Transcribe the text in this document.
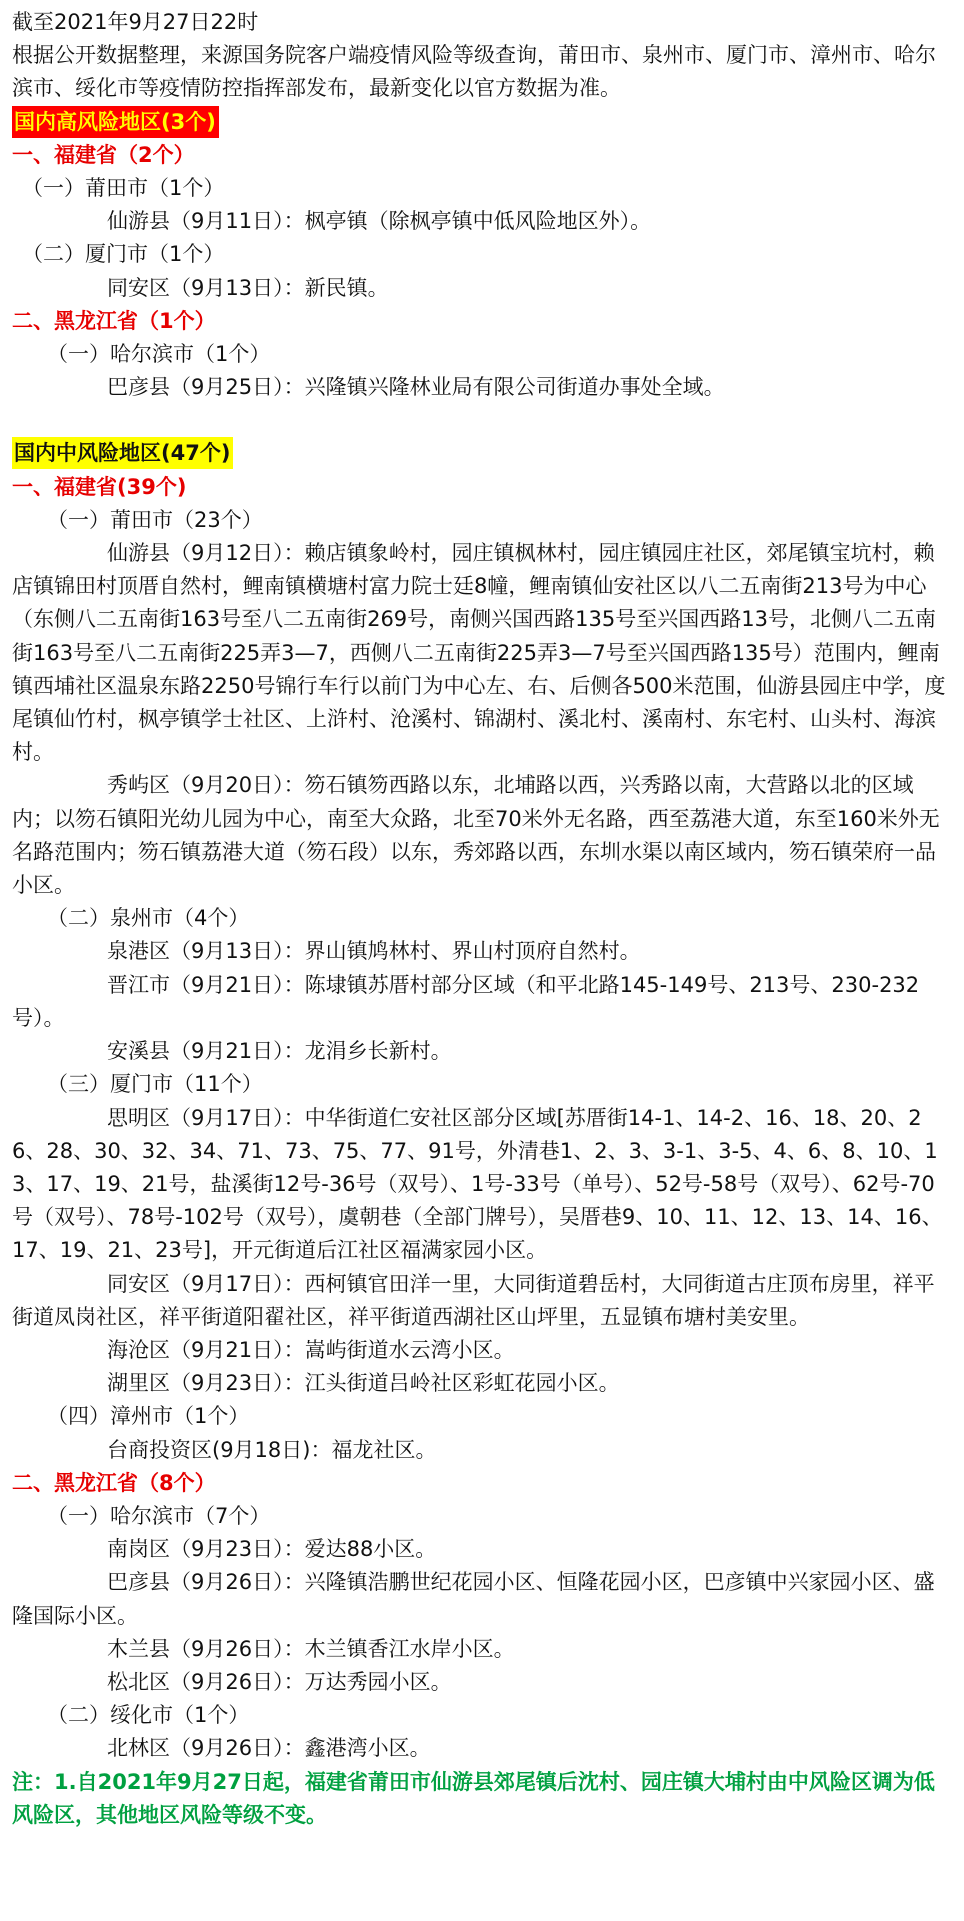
截至2021年9月27日22时

根据公开数据整理，来源国务院客户端疫情风险等级查询，莆田市、泉州市、厦门市、漳州市、哈尔滨市、绥化市等疫情防控指挥部发布，最新变化以官方数据为准。

国内高风险地区(3个)

一、福建省（2个）

（一）莆田市（1个）

仙游县（9月11日）：枫亭镇（除枫亭镇中低风险地区外）。

（二）厦门市（1个）

同安区（9月13日）：新民镇。

二、黑龙江省（1个）

（一）哈尔滨市（1个）

巴彦县（9月25日）：兴隆镇兴隆林业局有限公司街道办事处全域。

国内中风险地区(47个)

一、福建省(39个)

（一）莆田市（23个）

仙游县（9月12日）：赖店镇象岭村，园庄镇枫林村，园庄镇园庄社区，郊尾镇宝坑村，赖店镇锦田村顶厝自然村，鲤南镇横塘村富力院士廷8幢，鲤南镇仙安社区以八二五南街213号为中心（东侧八二五南街163号至八二五南街269号，南侧兴国西路135号至兴国西路13号，北侧八二五南街163号至八二五南街225弄3—7，西侧八二五南街225弄3—7号至兴国西路135号）范围内，鲤南镇西埔社区温泉东路2250号锦行车行以前门为中心左、右、后侧各500米范围，仙游县园庄中学，度尾镇仙竹村，枫亭镇学士社区、上浒村、沧溪村、锦湖村、溪北村、溪南村、东宅村、山头村、海滨村。

秀屿区（9月20日）：笏石镇笏西路以东，北埔路以西，兴秀路以南，大营路以北的区域内；以笏石镇阳光幼儿园为中心，南至大众路，北至70米外无名路，西至荔港大道，东至160米外无名路范围内；笏石镇荔港大道（笏石段）以东，秀郊路以西，东圳水渠以南区域内，笏石镇荣府一品小区。

（二）泉州市（4个）

泉港区（9月13日）：界山镇鸠林村、界山村顶府自然村。

晋江市（9月21日）：陈埭镇苏厝村部分区域（和平北路145-149号、213号、230-232号）。

安溪县（9月21日）：龙涓乡长新村。

（三）厦门市（11个）

思明区（9月17日）：中华街道仁安社区部分区域[苏厝街14-1、14-2、16、18、20、26、28、30、32、34、71、73、75、77、91号，外清巷1、2、3、3-1、3-5、4、6、8、10、13、17、19、21号，盐溪街12号-36号（双号）、1号-33号（单号）、52号-58号（双号）、62号-70号（双号）、78号-102号（双号），虞朝巷（全部门牌号），吴厝巷9、10、11、12、13、14、16、17、19、21、23号]，开元街道后江社区福满家园小区。

同安区（9月17日）：西柯镇官田洋一里，大同街道碧岳村，大同街道古庄顶布房里，祥平街道凤岗社区，祥平街道阳翟社区，祥平街道西湖社区山坪里，五显镇布塘村美安里。

海沧区（9月21日）：嵩屿街道水云湾小区。

湖里区（9月23日）：江头街道吕岭社区彩虹花园小区。

（四）漳州市（1个）

台商投资区(9月18日)：福龙社区。

二、黑龙江省（8个）

（一）哈尔滨市（7个）

南岗区（9月23日）：爱达88小区。

巴彦县（9月26日）：兴隆镇浩鹏世纪花园小区、恒隆花园小区，巴彦镇中兴家园小区、盛隆国际小区。

木兰县（9月26日）：木兰镇香江水岸小区。

松北区（9月26日）：万达秀园小区。

（二）绥化市（1个）

北林区（9月26日）：鑫港湾小区。

注：1.自2021年9月27日起，福建省莆田市仙游县郊尾镇后沈村、园庄镇大埔村由中风险区调为低风险区，其他地区风险等级不变。
